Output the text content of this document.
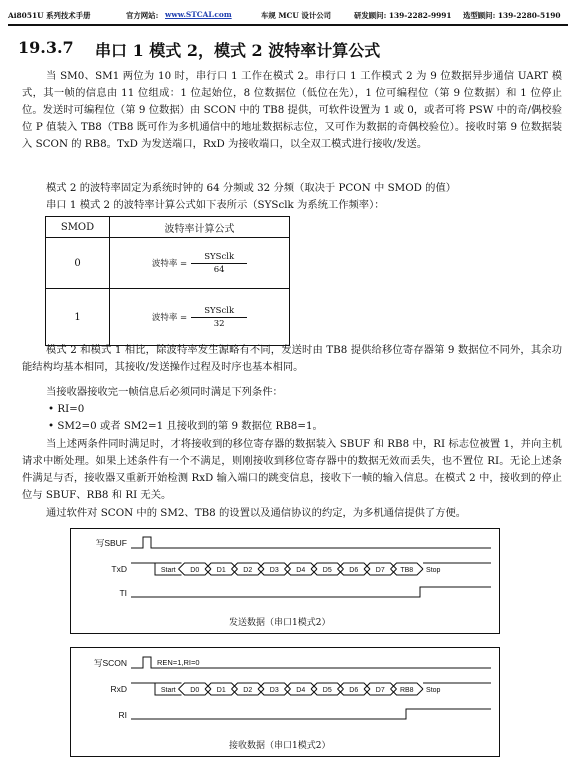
Ai8051U 系列技术手册	官方网站: www.STCAI.com	车规 MCU 设计公司	研发顾问: 139-2282-9991 选型顾问: 139-2280-5190
19.3.7 串口 1 模式 2，模式 2 波特率计算公式
当 SM0、SM1 两位为 10 时，串行口 1 工作在模式 2。串行口 1 工作模式 2 为 9 位数据异步通信 UART 模式，其一帧的信息由 11 位组成：1 位起始位，8 位数据位（低位在先），1 位可编程位（第 9 位数据）和 1 位停止位。发送时可编程位（第 9 位数据）由 SCON 中的 TB8 提供，可软件设置为 1 或 0，或者可将 PSW 中的奇/偶校验位 P 值装入 TB8（TB8 既可作为多机通信中的地址数据标志位，又可作为数据的奇偶校验位）。接收时第 9 位数据装入 SCON 的 RB8。TxD 为发送端口，RxD 为接收端口，以全双工模式进行接收/发送。
模式 2 的波特率固定为系统时钟的 64 分频或 32 分频（取决于 PCON 中 SMOD 的值）
串口 1 模式 2 的波特率计算公式如下表所示（SYSclk 为系统工作频率）：
SMOD	波特率计算公式
0	波特率 =
SYSclk
64

1	波特率 =
SYSclk
32
模式 2 和模式 1 相比，除波特率发生源略有不同，发送时由 TB8 提供给移位寄存器第 9 数据位不同外，其余功能结构均基本相同，其接收/发送操作过程及时序也基本相同。
当接收器接收完一帧信息后必须同时满足下列条件：
• RI=0
• SM2=0 或者 SM2=1 且接收到的第 9 数据位 RB8=1。
当上述两条件同时满足时，才将接收到的移位寄存器的数据装入 SBUF 和 RB8 中，RI 标志位被置 1，并向主机请求中断处理。如果上述条件有一个不满足，则刚接收到移位寄存器中的数据无效而丢失，也不置位 RI。无论上述条件满足与否，接收器又重新开始检测 RxD 输入端口的跳变信息，接收下一帧的输入信息。在模式 2 中，接收到的停止位与 SBUF、RB8 和 RI 无关。
通过软件对 SCON 中的 SM2、TB8 的设置以及通信协议的约定，为多机通信提供了方便。
写SBUF
TxD
TI
Start D0	D1	D2	D3	D4	D5	D6	D7 TB8 Stop
发送数据（串口1模式2）
写SCON
RxD
RI
REN=1,RI=0
Start D0	D1	D2	D3	D4	D5	D6	D7 RB8 Stop
接收数据（串口1模式2）
